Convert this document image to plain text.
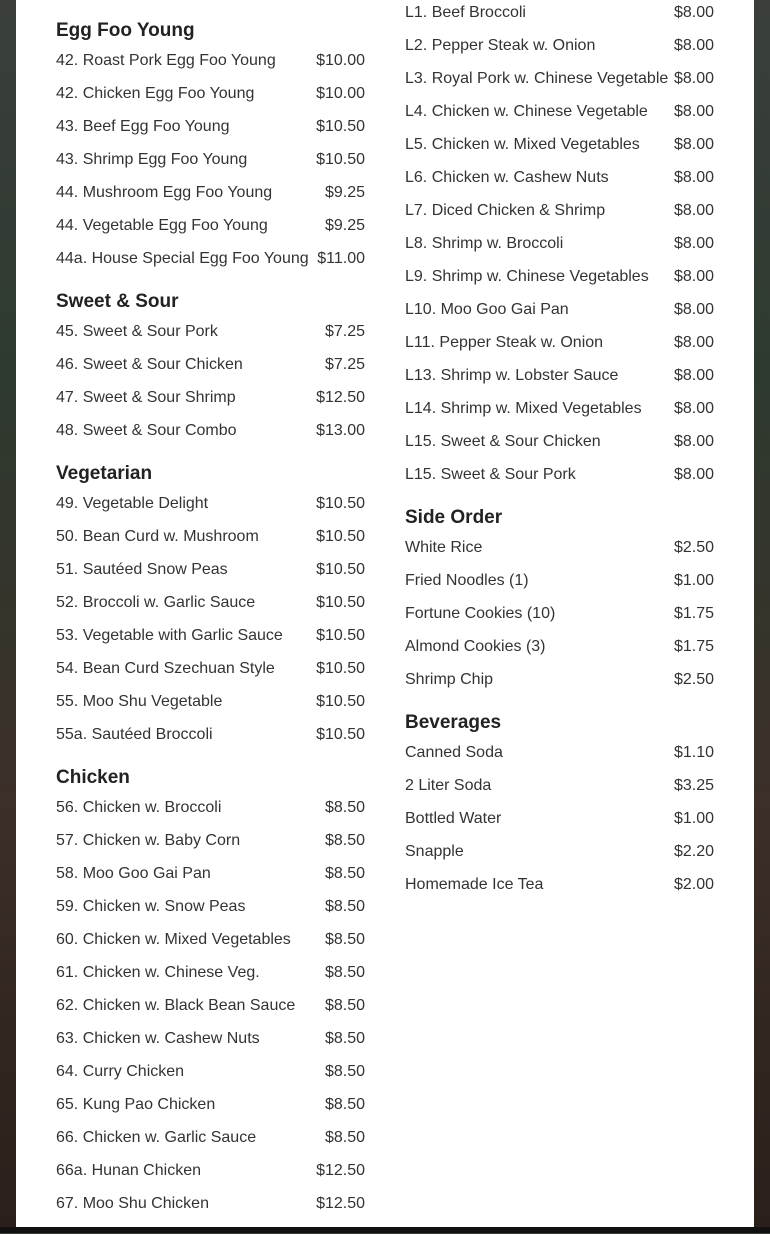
Egg Foo Young
42. Roast Pork Egg Foo Young	$10.00
42. Chicken Egg Foo Young	$10.00
43. Beef Egg Foo Young	$10.50
43. Shrimp Egg Foo Young	$10.50
44. Mushroom Egg Foo Young	$9.25
44. Vegetable Egg Foo Young	$9.25
44a. House Special Egg Foo Young $11.00
Sweet & Sour
45. Sweet & Sour Pork	$7.25
46. Sweet & Sour Chicken	$7.25
47. Sweet & Sour Shrimp	$12.50
48. Sweet & Sour Combo	$13.00
Vegetarian
49. Vegetable Delight	$10.50
50. Bean Curd w. Mushroom	$10.50
51. Sautéed Snow Peas	$10.50
52. Broccoli w. Garlic Sauce	$10.50
53. Vegetable with Garlic Sauce $10.50
54. Bean Curd Szechuan Style	$10.50
55. Moo Shu Vegetable	$10.50
55a. Sautéed Broccoli	$10.50
Chicken
56. Chicken w. Broccoli	$8.50
57. Chicken w. Baby Corn	$8.50
58. Moo Goo Gai Pan	$8.50
59. Chicken w. Snow Peas	$8.50
60. Chicken w. Mixed Vegetables $8.50
61. Chicken w. Chinese Veg.	$8.50
62. Chicken w. Black Bean Sauce $8.50
63. Chicken w. Cashew Nuts	$8.50
64. Curry Chicken	$8.50
65. Kung Pao Chicken	$8.50
66. Chicken w. Garlic Sauce	$8.50
66a. Hunan Chicken	$12.50
67. Moo Shu Chicken	$12.50
L1. Beef Broccoli	$8.00
L2. Pepper Steak w. Onion	$8.00
L3. Royal Pork w. Chinese Vegetable $8.00
L4. Chicken w. Chinese Vegetable $8.00
L5. Chicken w. Mixed Vegetables $8.00
L6. Chicken w. Cashew Nuts	$8.00
L7. Diced Chicken & Shrimp	$8.00
L8. Shrimp w. Broccoli	$8.00
L9. Shrimp w. Chinese Vegetables $8.00
L10. Moo Goo Gai Pan	$8.00
L11. Pepper Steak w. Onion	$8.00
L13. Shrimp w. Lobster Sauce	$8.00
L14. Shrimp w. Mixed Vegetables $8.00
L15. Sweet & Sour Chicken	$8.00
L15. Sweet & Sour Pork	$8.00
Side Order
White Rice	$2.50
Fried Noodles (1)	$1.00
Fortune Cookies (10)	$1.75
Almond Cookies (3)	$1.75
Shrimp Chip	$2.50
Beverages
Canned Soda	$1.10
2 Liter Soda	$3.25
Bottled Water	$1.00
Snapple	$2.20
Homemade Ice Tea	$2.00
